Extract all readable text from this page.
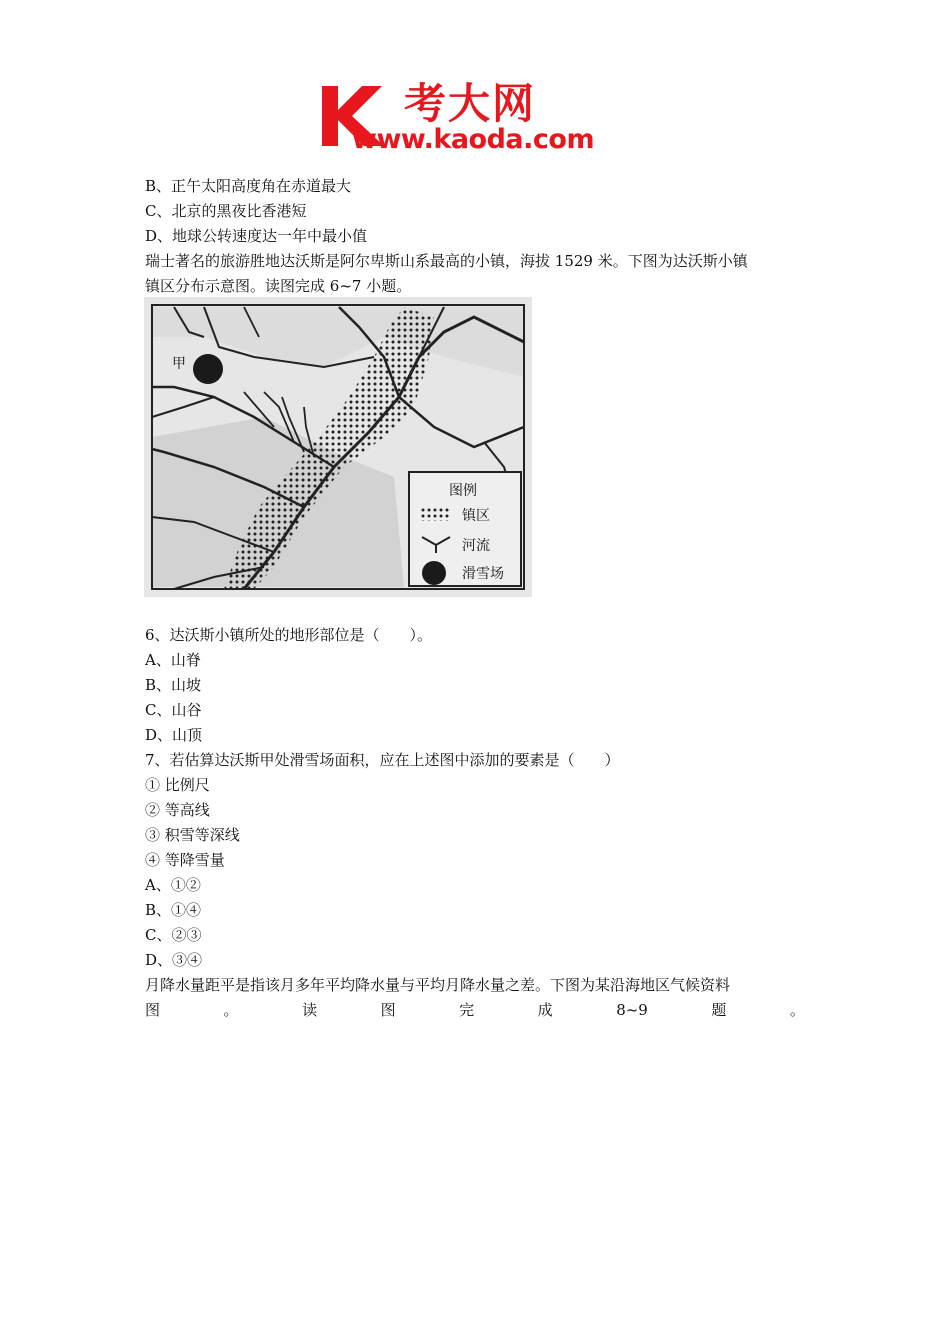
考大网
www.kaoda.com
B、正午太阳高度角在赤道最大
C、北京的黑夜比香港短
D、地球公转速度达一年中最小值
瑞士著名的旅游胜地达沃斯是阿尔卑斯山系最高的小镇，海拔 1529 米。下图为达沃斯小镇
镇区分布示意图。读图完成 6~7 小题。
甲
图例
镇区
河流
滑雪场
6、达沃斯小镇所处的地形部位是（　　）。
A、山脊
B、山坡
C、山谷
D、山顶
7、若估算达沃斯甲处滑雪场面积，应在上述图中添加的要素是（　　）
① 比例尺
② 等高线
③ 积雪等深线
④ 等降雪量
A、①②
B、①④
C、②③
D、③④
月降水量距平是指该月多年平均降水量与平均月降水量之差。下图为某沿海地区气候资料
图	。	读	图	完	成	8~9	题	。
